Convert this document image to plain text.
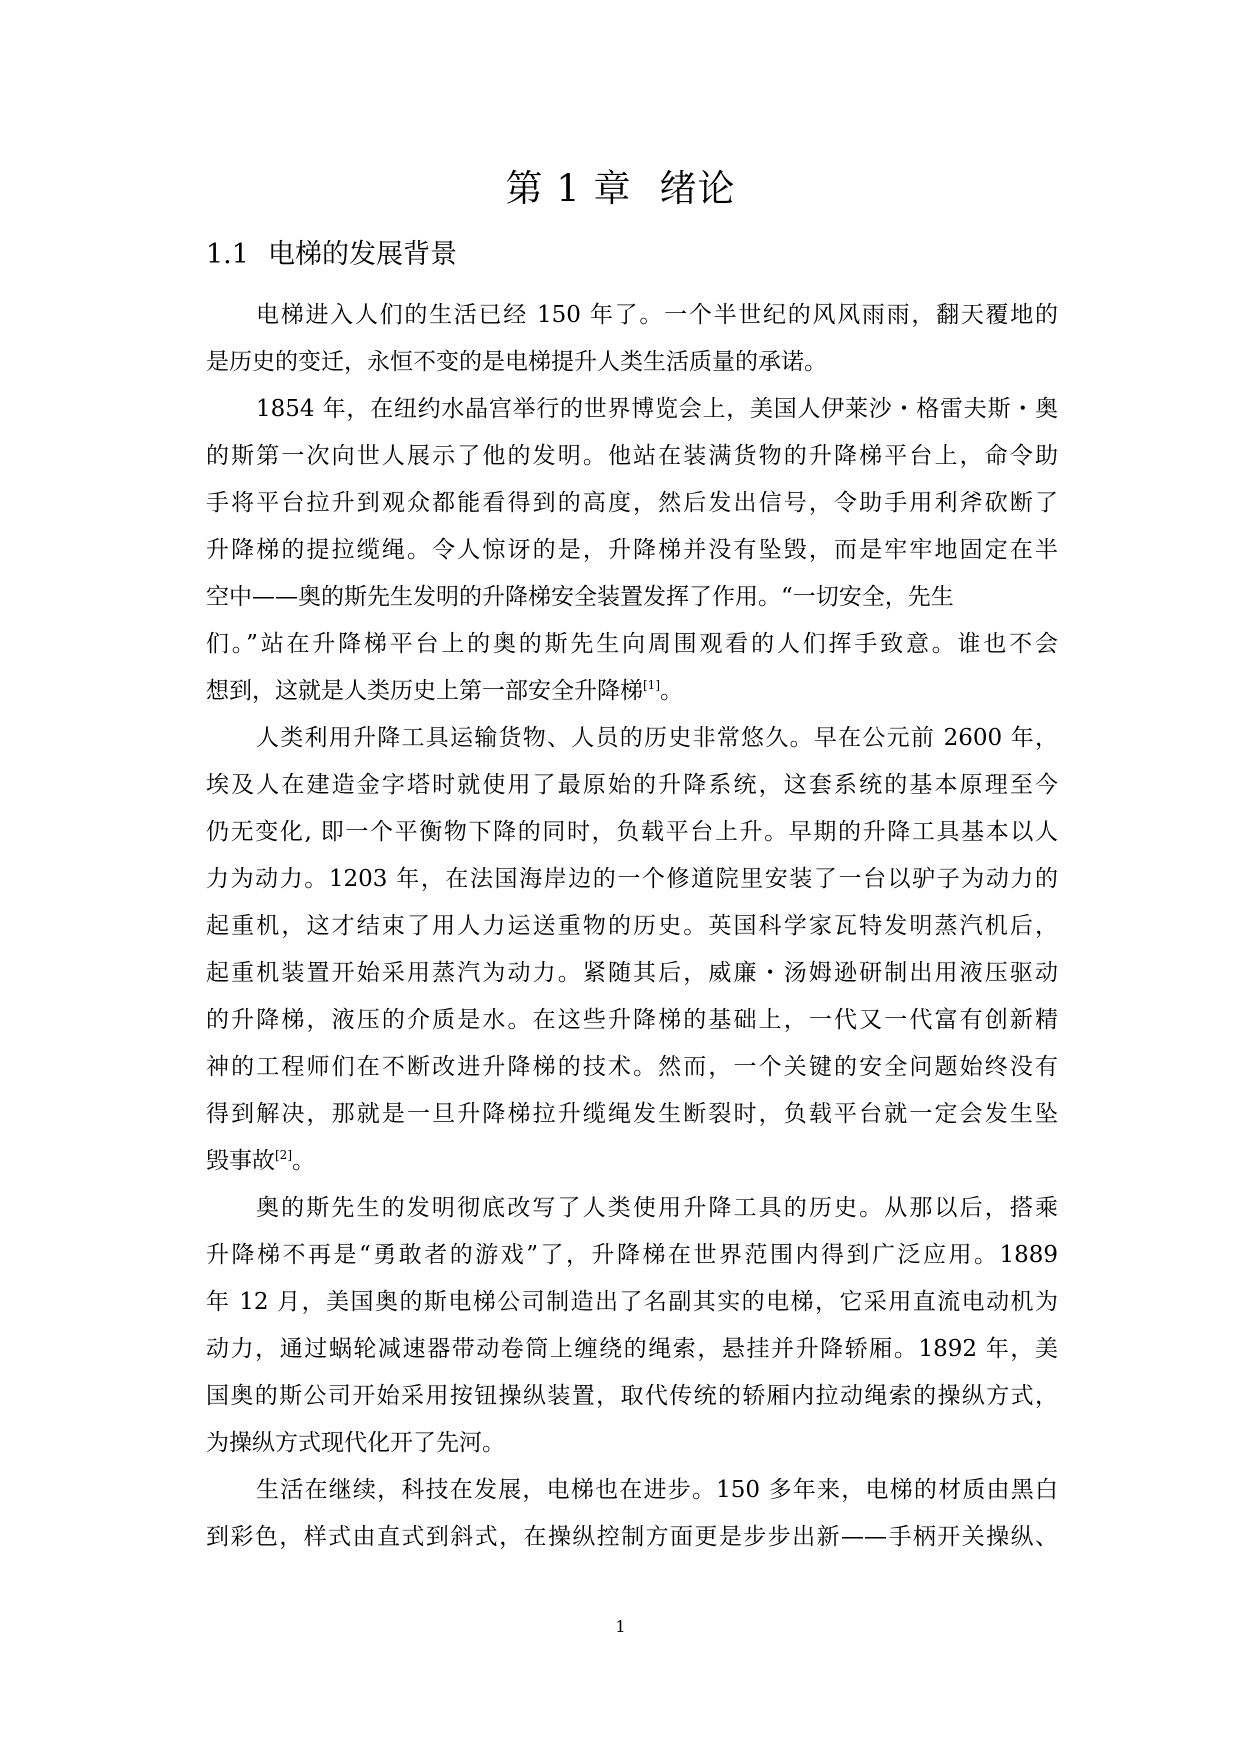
第 1 章 绪论
1.1 电梯的发展背景
电梯进入人们的生活已经 150 年了。一个半世纪的风风雨雨，翻天覆地的
是历史的变迁，永恒不变的是电梯提升人类生活质量的承诺。
1854 年，在纽约水晶宫举行的世界博览会上，美国人伊莱沙・格雷夫斯・奥
的斯第一次向世人展示了他的发明。他站在装满货物的升降梯平台上，命令助
手将平台拉升到观众都能看得到的高度，然后发出信号，令助手用利斧砍断了
升降梯的提拉缆绳。令人惊讶的是，升降梯并没有坠毁，而是牢牢地固定在半
空中——奥的斯先生发明的升降梯安全装置发挥了作用。“一切安全，先生
们。”站在升降梯平台上的奥的斯先生向周围观看的人们挥手致意。谁也不会
想到，这就是人类历史上第一部安全升降梯[1]。
人类利用升降工具运输货物、人员的历史非常悠久。早在公元前 2600 年，
埃及人在建造金字塔时就使用了最原始的升降系统，这套系统的基本原理至今
仍无变化, 即一个平衡物下降的同时，负载平台上升。早期的升降工具基本以人
力为动力。1203 年，在法国海岸边的一个修道院里安装了一台以驴子为动力的
起重机，这才结束了用人力运送重物的历史。英国科学家瓦特发明蒸汽机后，
起重机装置开始采用蒸汽为动力。紧随其后，威廉・汤姆逊研制出用液压驱动
的升降梯，液压的介质是水。在这些升降梯的基础上，一代又一代富有创新精
神的工程师们在不断改进升降梯的技术。然而，一个关键的安全问题始终没有
得到解决，那就是一旦升降梯拉升缆绳发生断裂时，负载平台就一定会发生坠
毁事故[2]。
奥的斯先生的发明彻底改写了人类使用升降工具的历史。从那以后，搭乘
升降梯不再是“勇敢者的游戏”了，升降梯在世界范围内得到广泛应用。1889
年 12 月，美国奥的斯电梯公司制造出了名副其实的电梯，它采用直流电动机为
动力，通过蜗轮减速器带动卷筒上缠绕的绳索，悬挂并升降轿厢。1892 年，美
国奥的斯公司开始采用按钮操纵装置，取代传统的轿厢内拉动绳索的操纵方式，
为操纵方式现代化开了先河。
生活在继续，科技在发展，电梯也在进步。150 多年来，电梯的材质由黑白
到彩色，样式由直式到斜式，在操纵控制方面更是步步出新——手柄开关操纵、
1
